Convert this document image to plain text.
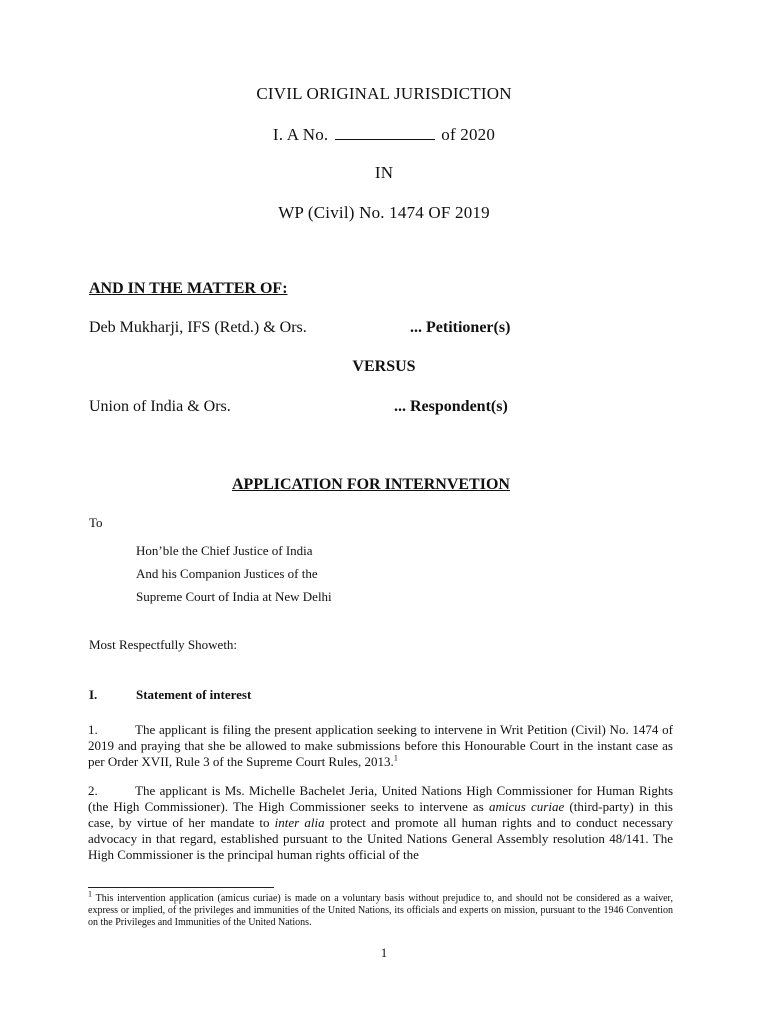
CIVIL ORIGINAL JURISDICTION
I. A No.	of 2020
IN
WP (Civil) No. 1474 OF 2019
AND IN THE MATTER OF:
Deb Mukharji, IFS (Retd.) & Ors.	... Petitioner(s)
VERSUS
Union of India & Ors.	... Respondent(s)
APPLICATION FOR INTERNVETION
To
Hon’ble the Chief Justice of India
And his Companion Justices of the
Supreme Court of India at New Delhi
Most Respectfully Showeth:
I.	Statement of interest
1.	The applicant is filing the present application seeking to intervene in Writ Petition (Civil) No. 1474 of 2019 and praying that she be allowed to make submissions before this Honourable Court in the instant case as per Order XVII, Rule 3 of the Supreme Court Rules, 2013.$^1$
2.	The applicant is Ms. Michelle Bachelet Jeria, United Nations High Commissioner for Human Rights (the High Commissioner). The High Commissioner seeks to intervene as amicus curiae (third-party) in this case, by virtue of her mandate to inter alia protect and promote all human rights and to conduct necessary advocacy in that regard, established pursuant to the United Nations General Assembly resolution 48/141. The High Commissioner is the principal human rights official of the
$^1$ This intervention application (amicus curiae) is made on a voluntary basis without prejudice to, and should not be considered as a waiver, express or implied, of the privileges and immunities of the United Nations, its officials and experts on mission, pursuant to the 1946 Convention on the Privileges and Immunities of the United Nations.
1
